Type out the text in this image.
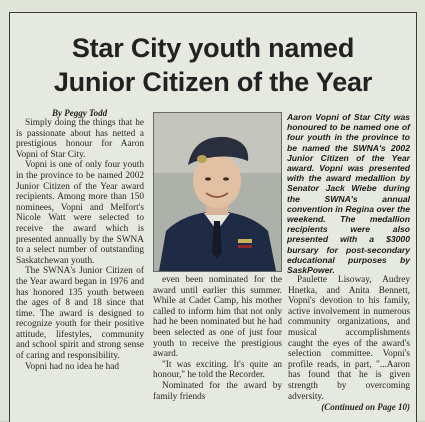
Star City youth named
Junior Citizen of the Year
By Peggy Todd

Simply doing the things that he is passionate about has netted a prestigious honour for Aaron Vopni of Star City.

Vopni is one of only four youth in the province to be named 2002 Junior Citizen of the Year award recipients. Among more than 150 nominees, Vopni and Melfort's Nicole Watt were selected to receive the award which is presented annually by the SWNA to a select number of outstanding Saskatchewan youth.

The SWNA's Junior Citizen of the Year award began in 1976 and has honored 135 youth between the ages of 8 and 18 since that time. The award is designed to recognize youth for their positive attitude, lifestyles, community and school spirit and strong sense of caring and responsibility.

Vopni had no idea he had

Aaron Vopni of Star City was honoured to be named one of four youth in the province to be named the SWNA's 2002 Junior Citizen of the Year award. Vopni was presented with the award medallion by Senator Jack Wiebe during the SWNA's annual convention in Regina over the weekend. The medallion recipients were also presented with a $3000 bursary for post-secondary educational purposes by SaskPower.

even been nominated for the award until earlier this summer. While at Cadet Camp, his mother called to inform him that not only had he been nominated but he had been selected as one of just four youth to receive the prestigious award.

"It was exciting. It's quite an honour," he told the Recorder.

Nominated for the award by family friends

Paulette Lisoway, Audrey Hnetka, and Anita Bennett, Vopni's devotion to his family, active involvement in numerous community organizations, and musical accomplishments caught the eyes of the award's selection committee. Vopni's profile reads, in part, "...Aaron has found that he is given strength by overcoming adversity.

(Continued on Page 10)
